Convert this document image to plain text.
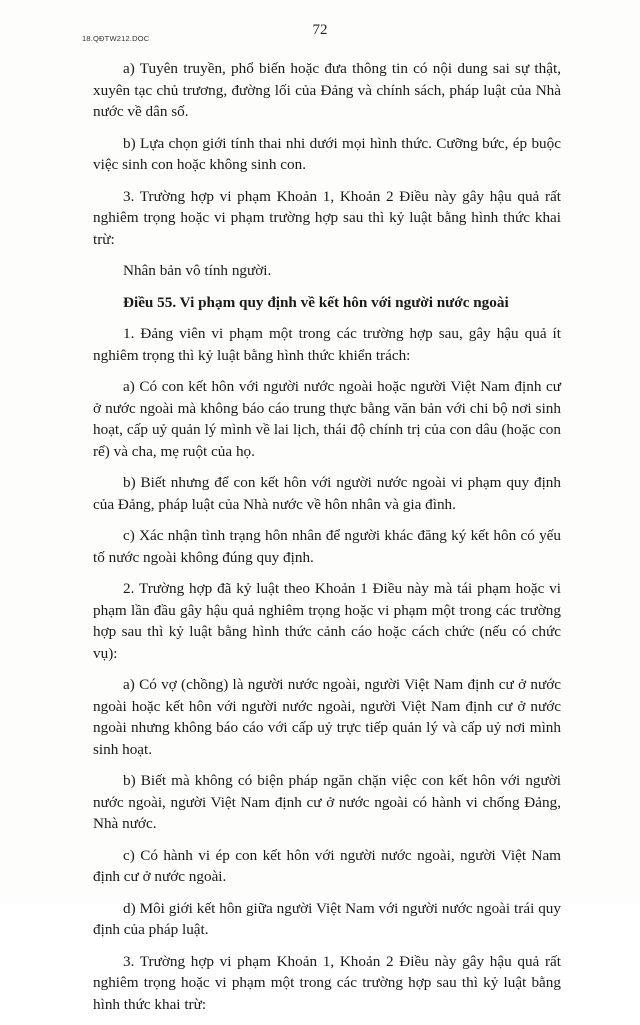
18.QĐTW212.DOC
72

a) Tuyên truyền, phổ biến hoặc đưa thông tin có nội dung sai sự thật, xuyên tạc chủ trương, đường lối của Đảng và chính sách, pháp luật của Nhà nước về dân số.

b) Lựa chọn giới tính thai nhi dưới mọi hình thức. Cưỡng bức, ép buộc việc sinh con hoặc không sinh con.

3. Trường hợp vi phạm Khoản 1, Khoản 2 Điều này gây hậu quả rất nghiêm trọng hoặc vi phạm trường hợp sau thì kỷ luật bằng hình thức khai trừ:

Nhân bản vô tính người.

Điều 55. Vi phạm quy định về kết hôn với người nước ngoài

1. Đảng viên vi phạm một trong các trường hợp sau, gây hậu quả ít nghiêm trọng thì kỷ luật bằng hình thức khiển trách:

a) Có con kết hôn với người nước ngoài hoặc người Việt Nam định cư ở nước ngoài mà không báo cáo trung thực bằng văn bản với chi bộ nơi sinh hoạt, cấp uỷ quản lý mình về lai lịch, thái độ chính trị của con dâu (hoặc con rể) và cha, mẹ ruột của họ.

b) Biết nhưng để con kết hôn với người nước ngoài vi phạm quy định của Đảng, pháp luật của Nhà nước về hôn nhân và gia đình.

c) Xác nhận tình trạng hôn nhân để người khác đăng ký kết hôn có yếu tố nước ngoài không đúng quy định.

2. Trường hợp đã kỷ luật theo Khoản 1 Điều này mà tái phạm hoặc vi phạm lần đầu gây hậu quả nghiêm trọng hoặc vi phạm một trong các trường hợp sau thì kỷ luật bằng hình thức cảnh cáo hoặc cách chức (nếu có chức vụ):

a) Có vợ (chồng) là người nước ngoài, người Việt Nam định cư ở nước ngoài hoặc kết hôn với người nước ngoài, người Việt Nam định cư ở nước ngoài nhưng không báo cáo với cấp uỷ trực tiếp quản lý và cấp uỷ nơi mình sinh hoạt.

b) Biết mà không có biện pháp ngăn chặn việc con kết hôn với người nước ngoài, người Việt Nam định cư ở nước ngoài có hành vi chống Đảng, Nhà nước.

c) Có hành vi ép con kết hôn với người nước ngoài, người Việt Nam định cư ở nước ngoài.

d) Môi giới kết hôn giữa người Việt Nam với người nước ngoài trái quy định của pháp luật.

3. Trường hợp vi phạm Khoản 1, Khoản 2 Điều này gây hậu quả rất nghiêm trọng hoặc vi phạm một trong các trường hợp sau thì kỷ luật bằng hình thức khai trừ:
